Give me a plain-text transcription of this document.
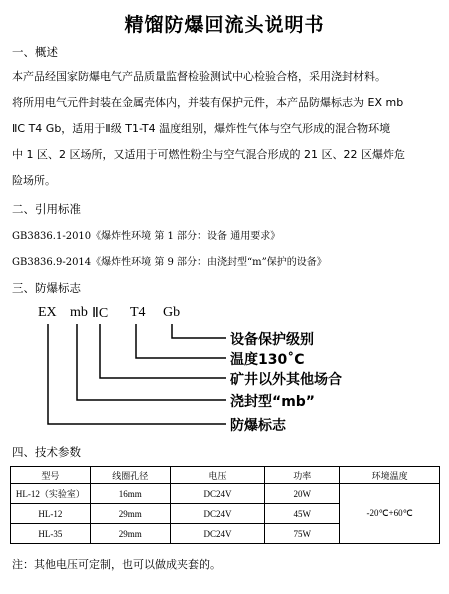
精馏防爆回流头说明书
一、概述
本产品经国家防爆电气产品质量监督检验测试中心检验合格，采用浇封材料。
将所用电气元件封装在金属壳体内，并装有保护元件，本产品防爆标志为 EX mb
ⅡC T4 Gb，适用于Ⅱ级 T1-T4 温度组别，爆炸性气体与空气形成的混合物环境
中 1 区、2 区场所，又适用于可燃性粉尘与空气混合形成的 21 区、22 区爆炸危
险场所。
二、引用标准
GB3836.1-2010《爆炸性环境 第 1 部分：设备 通用要求》
GB3836.9-2014《爆炸性环境 第 9 部分：由浇封型“m”保护的设备》
三、防爆标志
EX mb ⅡC T4 Gb
设备保护级别
温度130˚C
矿井以外其他场合
浇封型“mb”
防爆标志
四、技术参数
型号	线圈孔径	电压	功率	环境温度
HL-12（实验室）	16mm	DC24V	20W	-20℃+60℃
HL-12	29mm	DC24V	45W	
HL-35	29mm	DC24V	75W	
注：其他电压可定制，也可以做成夹套的。
